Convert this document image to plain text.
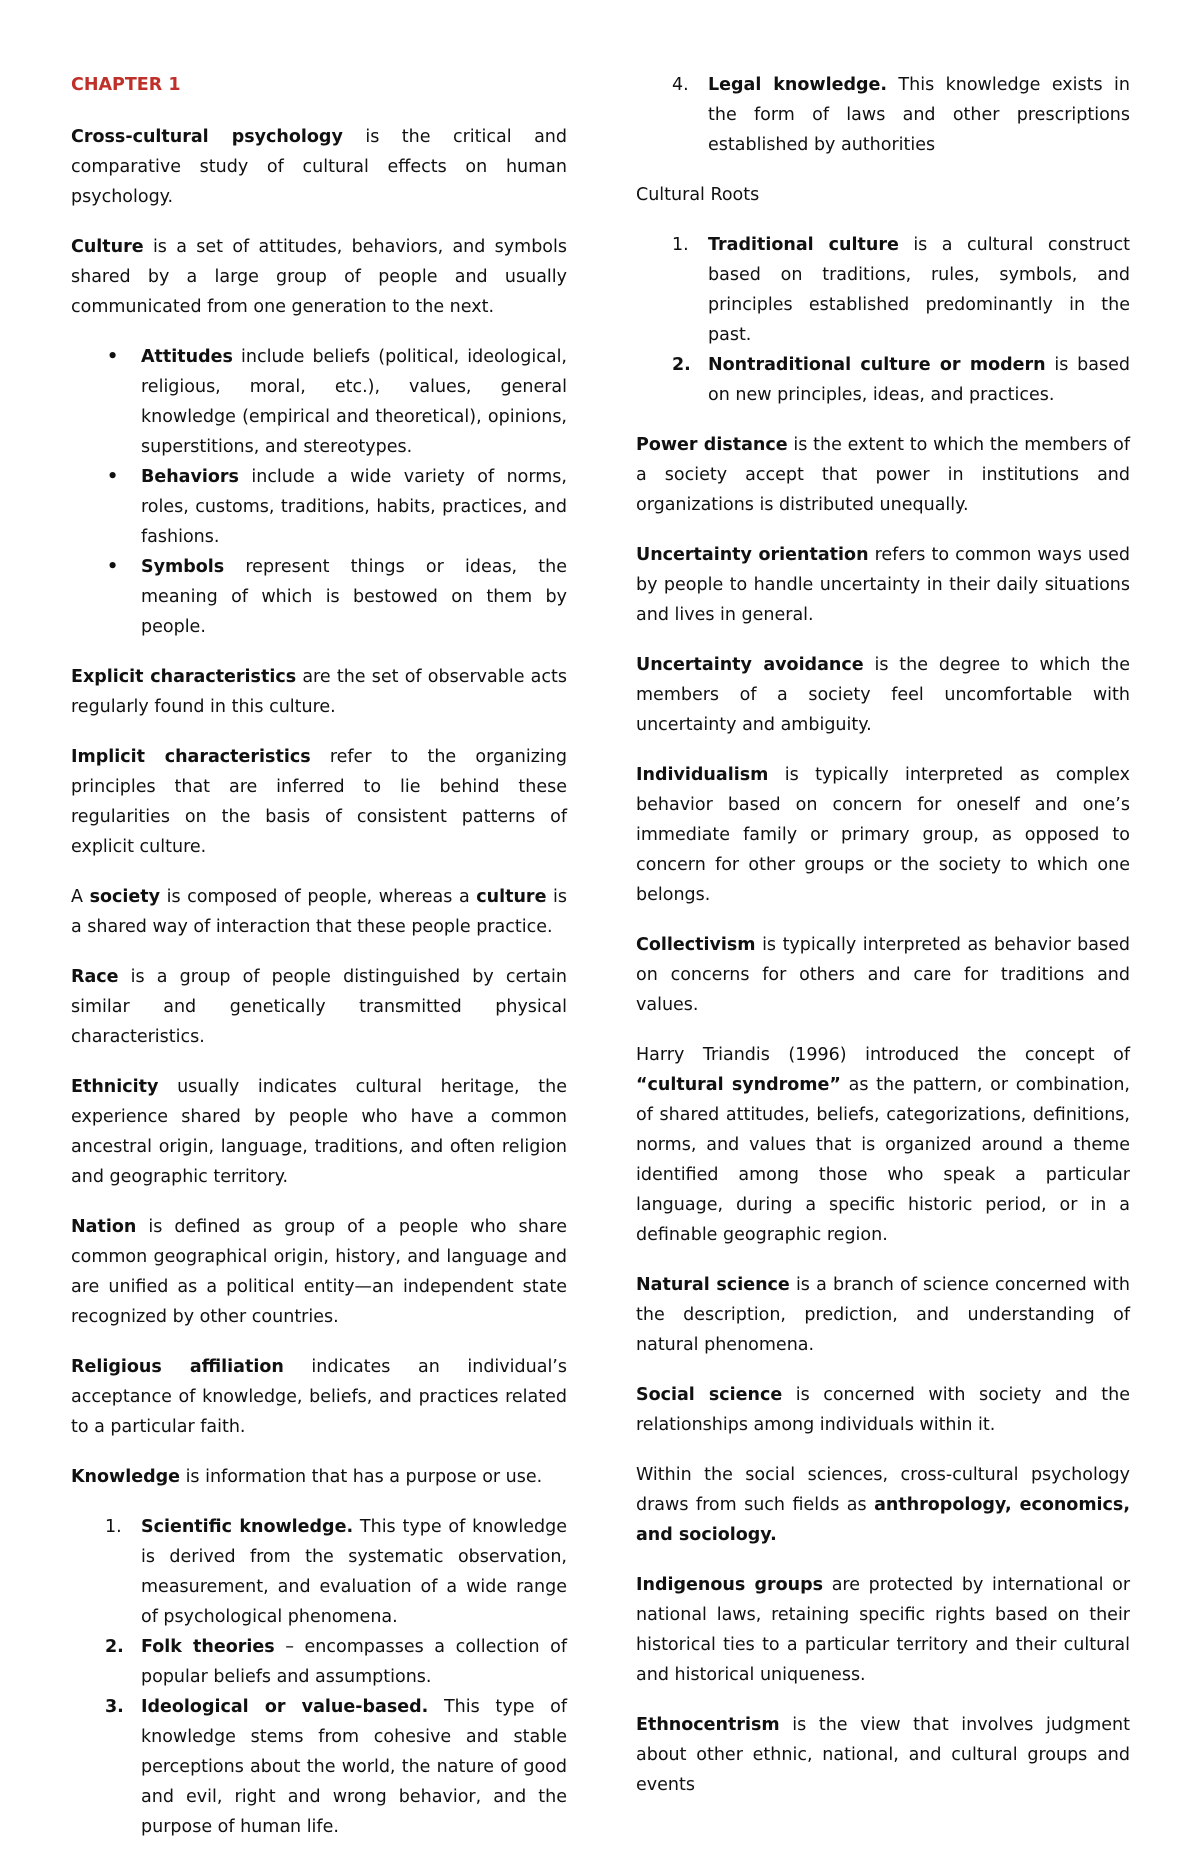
CHAPTER 1

Cross-cultural psychology is the critical and comparative study of cultural effects on human psychology.

Culture is a set of attitudes, behaviors, and symbols shared by a large group of people and usually communicated from one generation to the next.

•	Attitudes include beliefs (political, ideological, religious, moral, etc.), values, general knowledge (empirical and theoretical), opinions, superstitions, and stereotypes.
•	Behaviors include a wide variety of norms, roles, customs, traditions, habits, practices, and fashions.
•	Symbols represent things or ideas, the meaning of which is bestowed on them by people.

Explicit characteristics are the set of observable acts regularly found in this culture.

Implicit characteristics refer to the organizing principles that are inferred to lie behind these regularities on the basis of consistent patterns of explicit culture.

A society is composed of people, whereas a culture is a shared way of interaction that these people practice.

Race is a group of people distinguished by certain similar and genetically transmitted physical characteristics.

Ethnicity usually indicates cultural heritage, the experience shared by people who have a common ancestral origin, language, traditions, and often religion and geographic territory.

Nation is defined as group of a people who share common geographical origin, history, and language and are unified as a political entity—an independent state recognized by other countries.

Religious affiliation indicates an individual’s acceptance of knowledge, beliefs, and practices related to a particular faith.

Knowledge is information that has a purpose or use.

1.	Scientific knowledge. This type of knowledge is derived from the systematic observation, measurement, and evaluation of a wide range of psychological phenomena.
2. Folk theories – encompasses a collection of popular beliefs and assumptions.
3. Ideological or value-based. This type of knowledge stems from cohesive and stable perceptions about the world, the nature of good and evil, right and wrong behavior, and the purpose of human life.
4.	Legal knowledge. This knowledge exists in the form of laws and other prescriptions established by authorities

Cultural Roots

1.	Traditional culture is a cultural construct based on traditions, rules, symbols, and principles established predominantly in the past.
2. Nontraditional culture or modern is based on new principles, ideas, and practices.

Power distance is the extent to which the members of a society accept that power in institutions and organizations is distributed unequally.

Uncertainty orientation refers to common ways used by people to handle uncertainty in their daily situations and lives in general.

Uncertainty avoidance is the degree to which the members of a society feel uncomfortable with uncertainty and ambiguity.

Individualism is typically interpreted as complex behavior based on concern for oneself and one’s immediate family or primary group, as opposed to concern for other groups or the society to which one belongs.

Collectivism is typically interpreted as behavior based on concerns for others and care for traditions and values.

Harry Triandis (1996) introduced the concept of “cultural syndrome” as the pattern, or combination, of shared attitudes, beliefs, categorizations, definitions, norms, and values that is organized around a theme identified among those who speak a particular language, during a specific historic period, or in a definable geographic region.

Natural science is a branch of science concerned with the description, prediction, and understanding of natural phenomena.

Social science is concerned with society and the relationships among individuals within it.

Within the social sciences, cross-cultural psychology draws from such fields as anthropology, economics, and sociology.

Indigenous groups are protected by international or national laws, retaining specific rights based on their historical ties to a particular territory and their cultural and historical uniqueness.

Ethnocentrism is the view that involves judgment about other ethnic, national, and cultural groups and events
